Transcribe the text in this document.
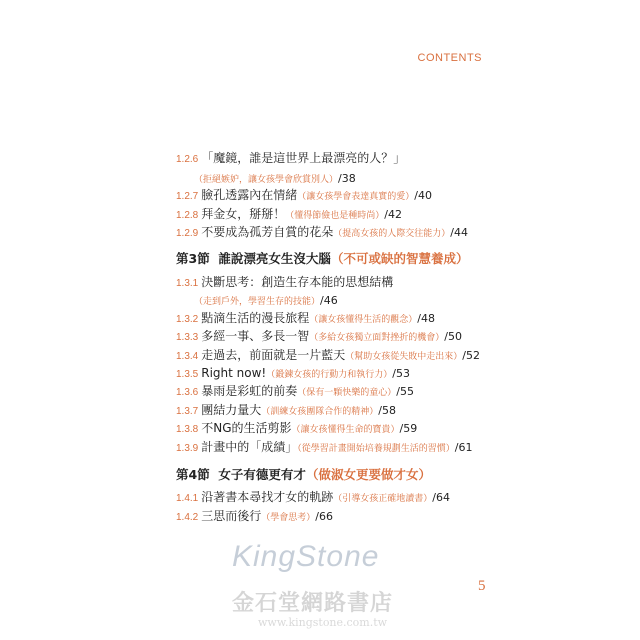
CONTENTS
1.2.6 「魔鏡，誰是這世界上最漂亮的人？」
（拒絕嫉妒，讓女孩學會欣賞別人）/38
1.2.7 臉孔透露內在情緒（讓女孩學會表達真實的愛）/40
1.2.8 拜金女，掰掰！（懂得節儉也是種時尚）/42
1.2.9 不要成為孤芳自賞的花朵（提高女孩的人際交往能力）/44
第3節 誰說漂亮女生沒大腦（不可或缺的智慧養成）
1.3.1 決斷思考：創造生存本能的思想結構
（走到戶外，學習生存的技能）/46
1.3.2 點滴生活的漫長旅程（讓女孩懂得生活的觀念）/48
1.3.3 多經一事、多長一智（多給女孩獨立面對挫折的機會）/50
1.3.4 走過去，前面就是一片藍天（幫助女孩從失敗中走出來）/52
1.3.5 Right now!（鍛鍊女孩的行動力和執行力）/53
1.3.6 暴雨是彩虹的前奏（保有一顆快樂的童心）/55
1.3.7 團結力量大（訓練女孩團隊合作的精神）/58
1.3.8 不NG的生活剪影（讓女孩懂得生命的寶貴）/59
1.3.9 計畫中的「成績」（從學習計畫開始培養規劃生活的習慣）/61
第4節 女子有德更有才（做淑女更要做才女）
1.4.1 沿著書本尋找才女的軌跡（引導女孩正確地讀書）/64
1.4.2 三思而後行（學會思考）/66
KingStone
金石堂網路書店
www.kingstone.com.tw
5
